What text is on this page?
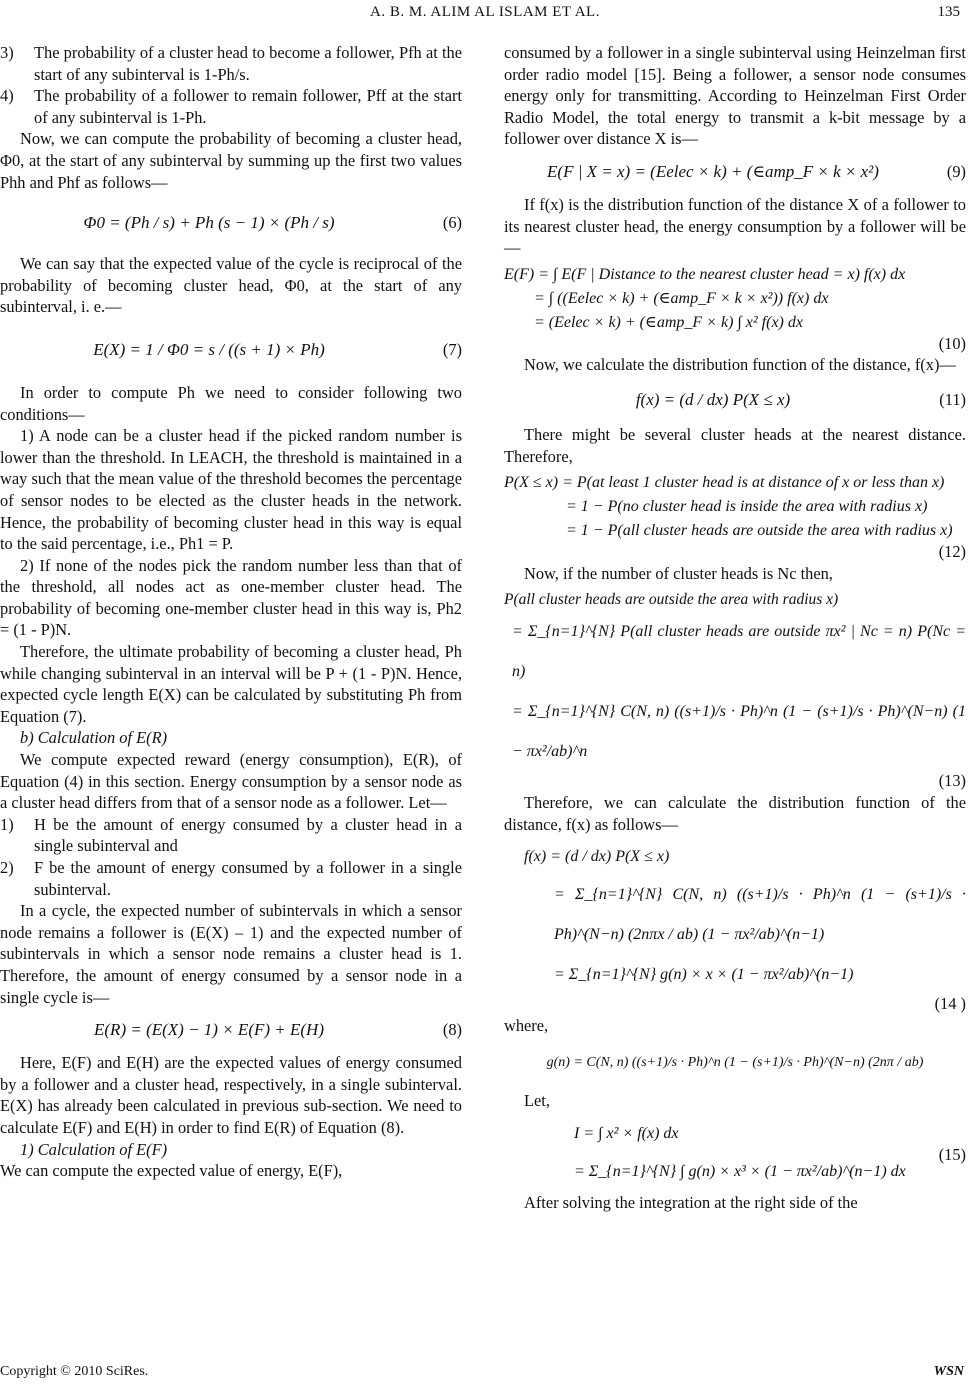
A. B. M. ALIM AL ISLAM ET AL.	135
3)	The probability of a cluster head to become a follower, Pfh at the start of any subinterval is 1-Ph/s.
4)	The probability of a follower to remain follower, Pff at the start of any subinterval is 1-Ph.

Now, we can compute the probability of becoming a cluster head, Φ0, at the start of any subinterval by summing up the first two values Phh and Phf as follows—

Φ0 = (Ph / s) + Ph (s − 1) × (Ph / s)	(6)

We can say that the expected value of the cycle is reciprocal of the probability of becoming cluster head, Φ0, at the start of any subinterval, i. e.—

E(X) = 1 / Φ0 = s / ((s + 1) × Ph)	(7)

In order to compute Ph we need to consider following two conditions—

1) A node can be a cluster head if the picked random number is lower than the threshold. In LEACH, the threshold is maintained in a way such that the mean value of the threshold becomes the percentage of sensor nodes to be elected as the cluster heads in the network. Hence, the probability of becoming cluster head in this way is equal to the said percentage, i.e., Ph1 = P.

2) If none of the nodes pick the random number less than that of the threshold, all nodes act as one-member cluster head. The probability of becoming one-member cluster head in this way is, Ph2 = (1 - P)N.

Therefore, the ultimate probability of becoming a cluster head, Ph while changing subinterval in an interval will be P + (1 - P)N. Hence, expected cycle length E(X) can be calculated by substituting Ph from Equation (7).

b) Calculation of E(R)

We compute expected reward (energy consumption), E(R), of Equation (4) in this section. Energy consumption by a sensor node as a cluster head differs from that of a sensor node as a follower. Let—

1)	H be the amount of energy consumed by a cluster head in a single subinterval and
2)	F be the amount of energy consumed by a follower in a single subinterval.

In a cycle, the expected number of subintervals in which a sensor node remains a follower is (E(X) – 1) and the expected number of subintervals in which a sensor node remains a cluster head is 1. Therefore, the amount of energy consumed by a sensor node in a single cycle is—

E(R) = (E(X) − 1) × E(F) + E(H)	(8)

Here, E(F) and E(H) are the expected values of energy consumed by a follower and a cluster head, respectively, in a single subinterval. E(X) has already been calculated in previous sub-section. We need to calculate E(F) and E(H) in order to find E(R) of Equation (8).

1) Calculation of E(F)

We can compute the expected value of energy, E(F),

consumed by a follower in a single subinterval using Heinzelman first order radio model [15]. Being a follower, a sensor node consumes energy only for transmitting. According to Heinzelman First Order Radio Model, the total energy to transmit a k-bit message by a follower over distance X is—

E(F | X = x) = (Eelec × k) + (∈amp_F × k × x²)	(9)

If f(x) is the distribution function of the distance X of a follower to its nearest cluster head, the energy consumption by a follower will be—

E(F) = ∫ E(F | Distance to the nearest cluster head = x) f(x) dx
= ∫ ((Eelec × k) + (∈amp_F × k × x²)) f(x) dx
= (Eelec × k) + (∈amp_F × k) ∫ x² f(x) dx
(10)

Now, we calculate the distribution function of the distance, f(x)—

f(x) = (d / dx) P(X ≤ x)	(11)

There might be several cluster heads at the nearest distance. Therefore,

P(X ≤ x) = P(at least 1 cluster head is at distance of x or less than x)
= 1 − P(no cluster head is inside the area with radius x)
= 1 − P(all cluster heads are outside the area with radius x)
(12)

Now, if the number of cluster heads is Nc then,

P(all cluster heads are outside the area with radius x)
= Σ_{n=1}^{N} P(all cluster heads are outside πx² | Nc = n) P(Nc = n)
= Σ_{n=1}^{N} C(N, n) ((s+1)/s · Ph)^n (1 − (s+1)/s · Ph)^(N−n) (1 − πx²/ab)^n
(13)

Therefore, we can calculate the distribution function of the distance, f(x) as follows—

f(x) = (d / dx) P(X ≤ x)
= Σ_{n=1}^{N} C(N, n) ((s+1)/s · Ph)^n (1 − (s+1)/s · Ph)^(N−n) (2nπx / ab) (1 − πx²/ab)^(n−1)
= Σ_{n=1}^{N} g(n) × x × (1 − πx²/ab)^(n−1)
(14 )

where,

g(n) = C(N, n) ((s+1)/s · Ph)^n (1 − (s+1)/s · Ph)^(N−n) (2nπ / ab)

Let,

I = ∫ x² × f(x) dx
= Σ_{n=1}^{N} ∫ g(n) × x³ × (1 − πx²/ab)^(n−1) dx
(15)

After solving the integration at the right side of the

Copyright © 2010 SciRes.	WSN
